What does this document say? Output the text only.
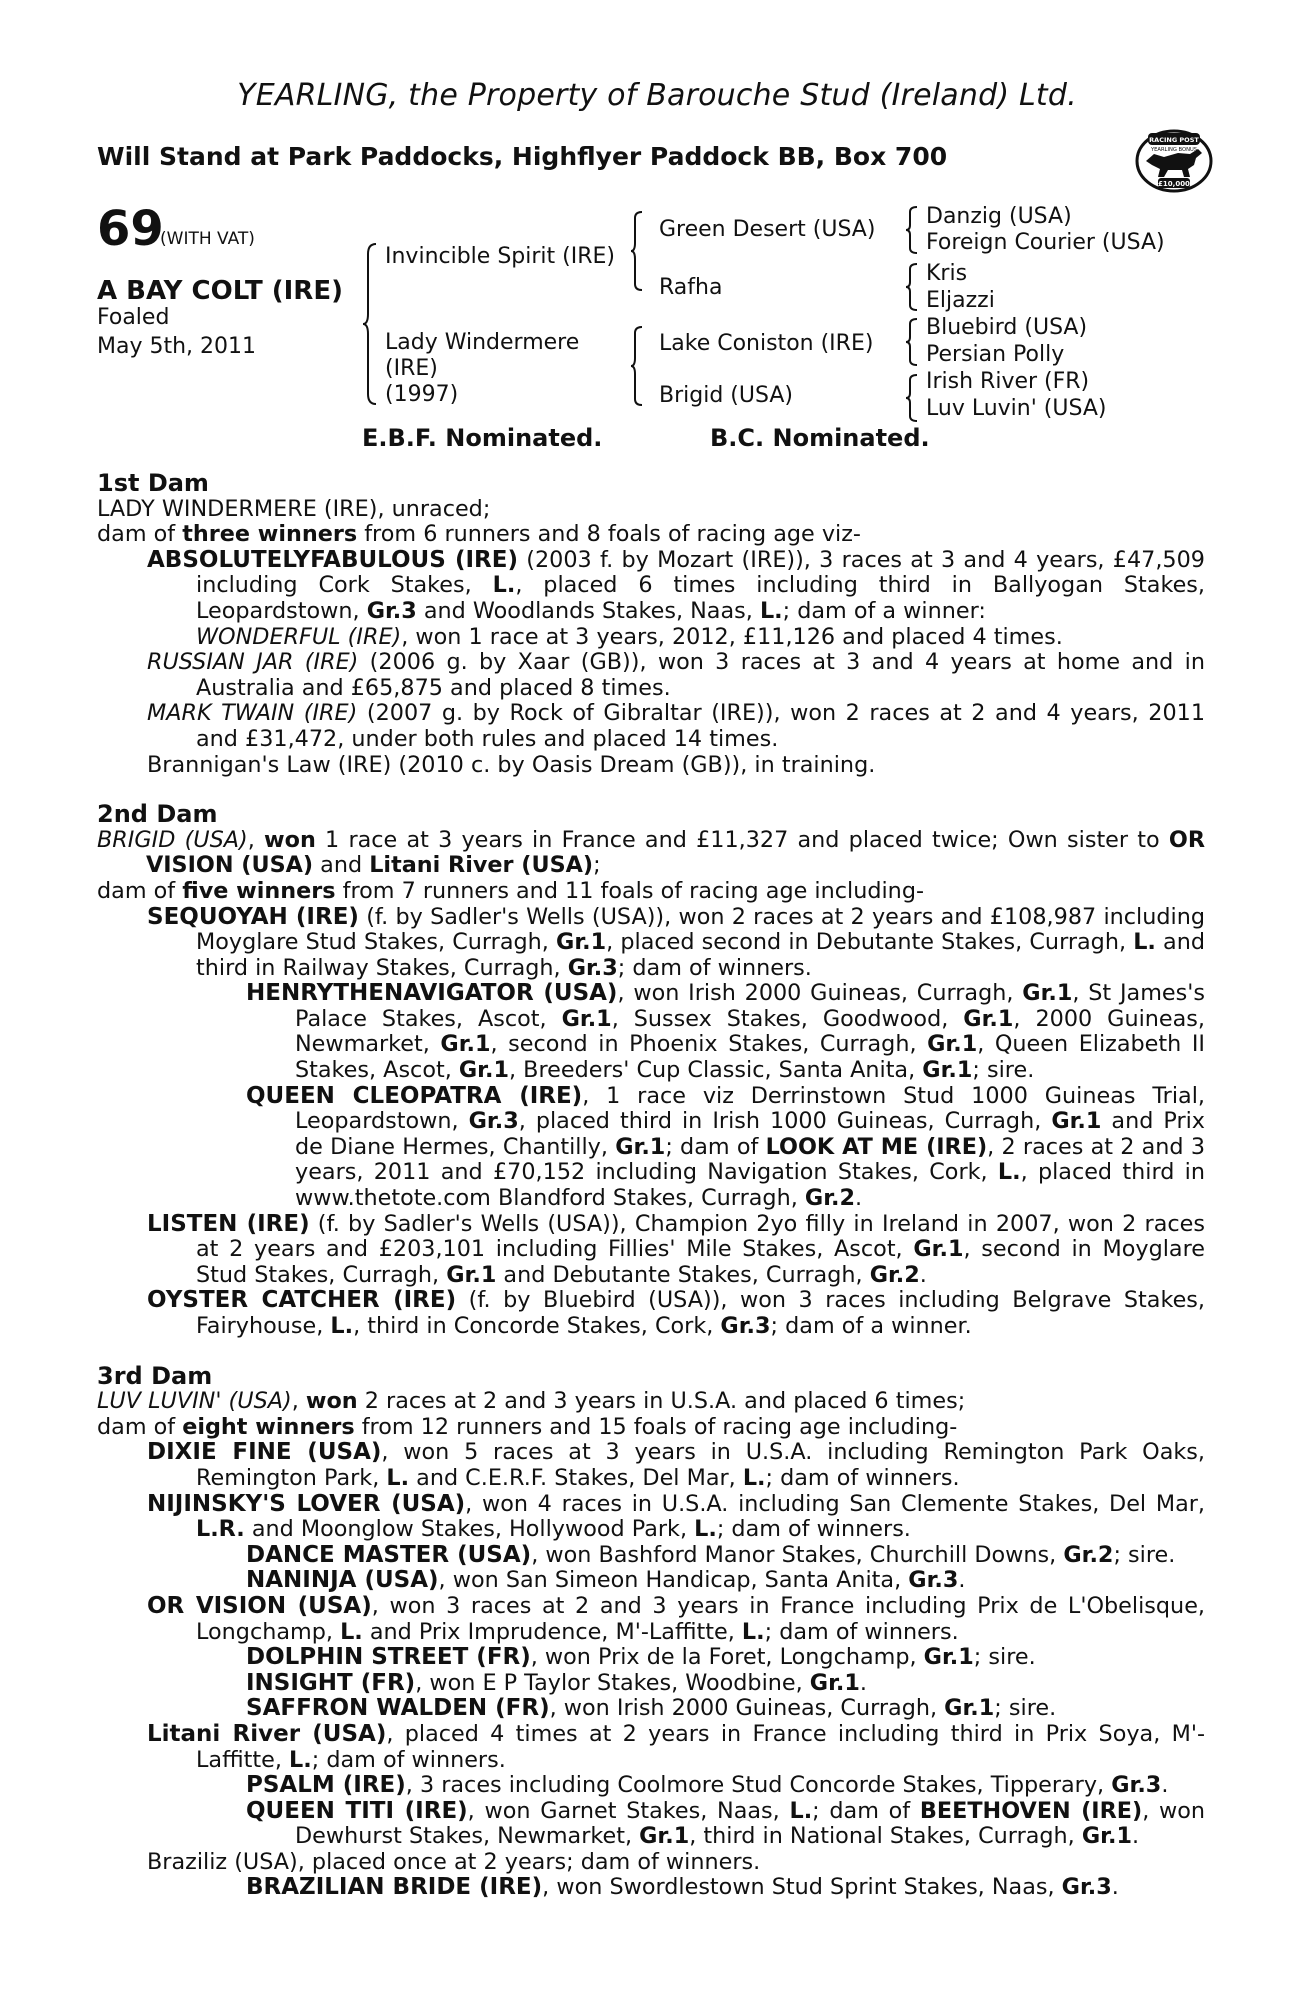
YEARLING, the Property of Barouche Stud (Ireland) Ltd.
Will Stand at Park Paddocks, Highflyer Paddock BB, Box 700
RACING POST
YEARLING BONUS
£10,000
69
(WITH VAT)
A BAY COLT (IRE)
Foaled
May 5th, 2011
Invincible Spirit (IRE)
Lady Windermere
(IRE)
(1997)
Green Desert (USA)
Rafha
Lake Coniston (IRE)
Brigid (USA)
Danzig (USA)
Foreign Courier (USA)
Kris
Eljazzi
Bluebird (USA)
Persian Polly
Irish River (FR)
Luv Luvin' (USA)
E.B.F. Nominated.	B.C. Nominated.

1st Dam

LADY WINDERMERE (IRE), unraced;

dam of three winners from 6 runners and 8 foals of racing age viz-

ABSOLUTELYFABULOUS (IRE) (2003 f. by Mozart (IRE)), 3 races at 3 and 4 years, £47,509 including Cork Stakes, L., placed 6 times including third in Ballyogan Stakes, Leopardstown, Gr.3 and Woodlands Stakes, Naas, L.; dam of a winner:

WONDERFUL (IRE), won 1 race at 3 years, 2012, £11,126 and placed 4 times.

RUSSIAN JAR (IRE) (2006 g. by Xaar (GB)), won 3 races at 3 and 4 years at home and in Australia and £65,875 and placed 8 times.

MARK TWAIN (IRE) (2007 g. by Rock of Gibraltar (IRE)), won 2 races at 2 and 4 years, 2011 and £31,472, under both rules and placed 14 times.

Brannigan's Law (IRE) (2010 c. by Oasis Dream (GB)), in training.

2nd Dam

BRIGID (USA), won 1 race at 3 years in France and £11,327 and placed twice; Own sister to OR VISION (USA) and Litani River (USA);

dam of five winners from 7 runners and 11 foals of racing age including-

SEQUOYAH (IRE) (f. by Sadler's Wells (USA)), won 2 races at 2 years and £108,987 including Moyglare Stud Stakes, Curragh, Gr.1, placed second in Debutante Stakes, Curragh, L. and third in Railway Stakes, Curragh, Gr.3; dam of winners.

HENRYTHENAVIGATOR (USA), won Irish 2000 Guineas, Curragh, Gr.1, St James's Palace Stakes, Ascot, Gr.1, Sussex Stakes, Goodwood, Gr.1, 2000 Guineas, Newmarket, Gr.1, second in Phoenix Stakes, Curragh, Gr.1, Queen Elizabeth II Stakes, Ascot, Gr.1, Breeders' Cup Classic, Santa Anita, Gr.1; sire.

QUEEN CLEOPATRA (IRE), 1 race viz Derrinstown Stud 1000 Guineas Trial, Leopardstown, Gr.3, placed third in Irish 1000 Guineas, Curragh, Gr.1 and Prix de Diane Hermes, Chantilly, Gr.1; dam of LOOK AT ME (IRE), 2 races at 2 and 3 years, 2011 and £70,152 including Navigation Stakes, Cork, L., placed third in www.thetote.com Blandford Stakes, Curragh, Gr.2.

LISTEN (IRE) (f. by Sadler's Wells (USA)), Champion 2yo filly in Ireland in 2007, won 2 races at 2 years and £203,101 including Fillies' Mile Stakes, Ascot, Gr.1, second in Moyglare Stud Stakes, Curragh, Gr.1 and Debutante Stakes, Curragh, Gr.2.

OYSTER CATCHER (IRE) (f. by Bluebird (USA)), won 3 races including Belgrave Stakes, Fairyhouse, L., third in Concorde Stakes, Cork, Gr.3; dam of a winner.

3rd Dam

LUV LUVIN' (USA), won 2 races at 2 and 3 years in U.S.A. and placed 6 times;

dam of eight winners from 12 runners and 15 foals of racing age including-

DIXIE FINE (USA), won 5 races at 3 years in U.S.A. including Remington Park Oaks, Remington Park, L. and C.E.R.F. Stakes, Del Mar, L.; dam of winners.

NIJINSKY'S LOVER (USA), won 4 races in U.S.A. including San Clemente Stakes, Del Mar, L.R. and Moonglow Stakes, Hollywood Park, L.; dam of winners.

DANCE MASTER (USA), won Bashford Manor Stakes, Churchill Downs, Gr.2; sire.

NANINJA (USA), won San Simeon Handicap, Santa Anita, Gr.3.

OR VISION (USA), won 3 races at 2 and 3 years in France including Prix de L'Obelisque, Longchamp, L. and Prix Imprudence, M'-Laffitte, L.; dam of winners.

DOLPHIN STREET (FR), won Prix de la Foret, Longchamp, Gr.1; sire.

INSIGHT (FR), won E P Taylor Stakes, Woodbine, Gr.1.

SAFFRON WALDEN (FR), won Irish 2000 Guineas, Curragh, Gr.1; sire.

Litani River (USA), placed 4 times at 2 years in France including third in Prix Soya, M'-Laffitte, L.; dam of winners.

PSALM (IRE), 3 races including Coolmore Stud Concorde Stakes, Tipperary, Gr.3.

QUEEN TITI (IRE), won Garnet Stakes, Naas, L.; dam of BEETHOVEN (IRE), won Dewhurst Stakes, Newmarket, Gr.1, third in National Stakes, Curragh, Gr.1.

Braziliz (USA), placed once at 2 years; dam of winners.

BRAZILIAN BRIDE (IRE), won Swordlestown Stud Sprint Stakes, Naas, Gr.3.
